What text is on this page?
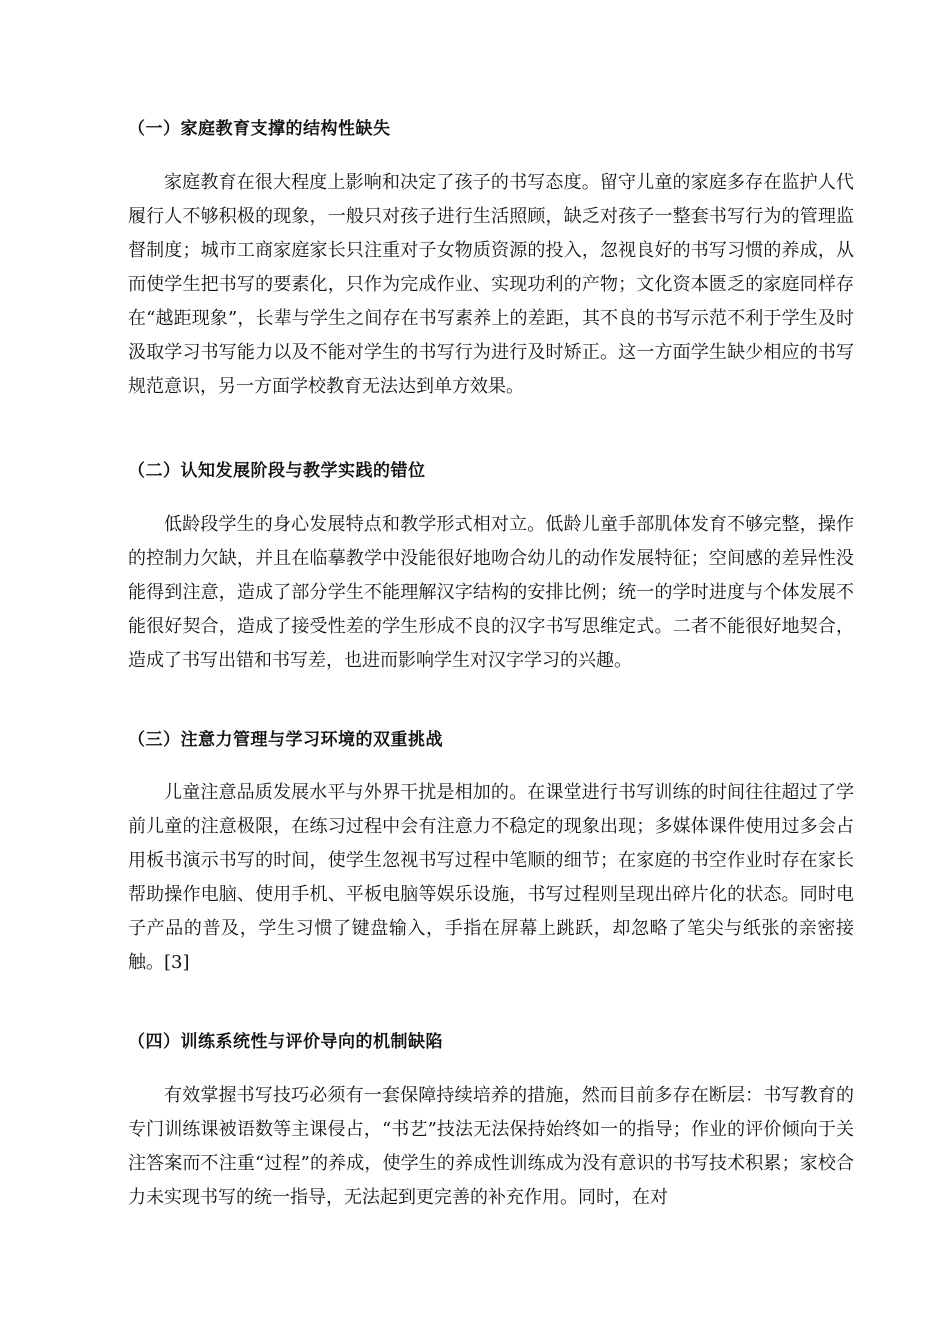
（一）家庭教育支撑的结构性缺失
家庭教育在很大程度上影响和决定了孩子的书写态度。留守儿童的家庭多存在监护人代履行人不够积极的现象，一般只对孩子进行生活照顾，缺乏对孩子一整套书写行为的管理监督制度；城市工商家庭家长只注重对子女物质资源的投入，忽视良好的书写习惯的养成，从而使学生把书写的要素化，只作为完成作业、实现功利的产物；文化资本匮乏的家庭同样存在“越距现象”，长辈与学生之间存在书写素养上的差距，其不良的书写示范不利于学生及时汲取学习书写能力以及不能对学生的书写行为进行及时矫正。这一方面学生缺少相应的书写规范意识，另一方面学校教育无法达到单方效果。
（二）认知发展阶段与教学实践的错位
低龄段学生的身心发展特点和教学形式相对立。低龄儿童手部肌体发育不够完整，操作的控制力欠缺，并且在临摹教学中没能很好地吻合幼儿的动作发展特征；空间感的差异性没能得到注意，造成了部分学生不能理解汉字结构的安排比例；统一的学时进度与个体发展不能很好契合，造成了接受性差的学生形成不良的汉字书写思维定式。二者不能很好地契合，造成了书写出错和书写差，也进而影响学生对汉字学习的兴趣。
（三）注意力管理与学习环境的双重挑战
儿童注意品质发展水平与外界干扰是相加的。在课堂进行书写训练的时间往往超过了学前儿童的注意极限，在练习过程中会有注意力不稳定的现象出现；多媒体课件使用过多会占用板书演示书写的时间，使学生忽视书写过程中笔顺的细节；在家庭的书空作业时存在家长帮助操作电脑、使用手机、平板电脑等娱乐设施，书写过程则呈现出碎片化的状态。同时电子产品的普及，学生习惯了键盘输入，手指在屏幕上跳跃，却忽略了笔尖与纸张的亲密接触。[3]
（四）训练系统性与评价导向的机制缺陷
有效掌握书写技巧必须有一套保障持续培养的措施，然而目前多存在断层：书写教育的专门训练课被语数等主课侵占，“书艺”技法无法保持始终如一的指导；作业的评价倾向于关注答案而不注重“过程”的养成，使学生的养成性训练成为没有意识的书写技术积累；家校合力未实现书写的统一指导，无法起到更完善的补充作用。同时，在对
